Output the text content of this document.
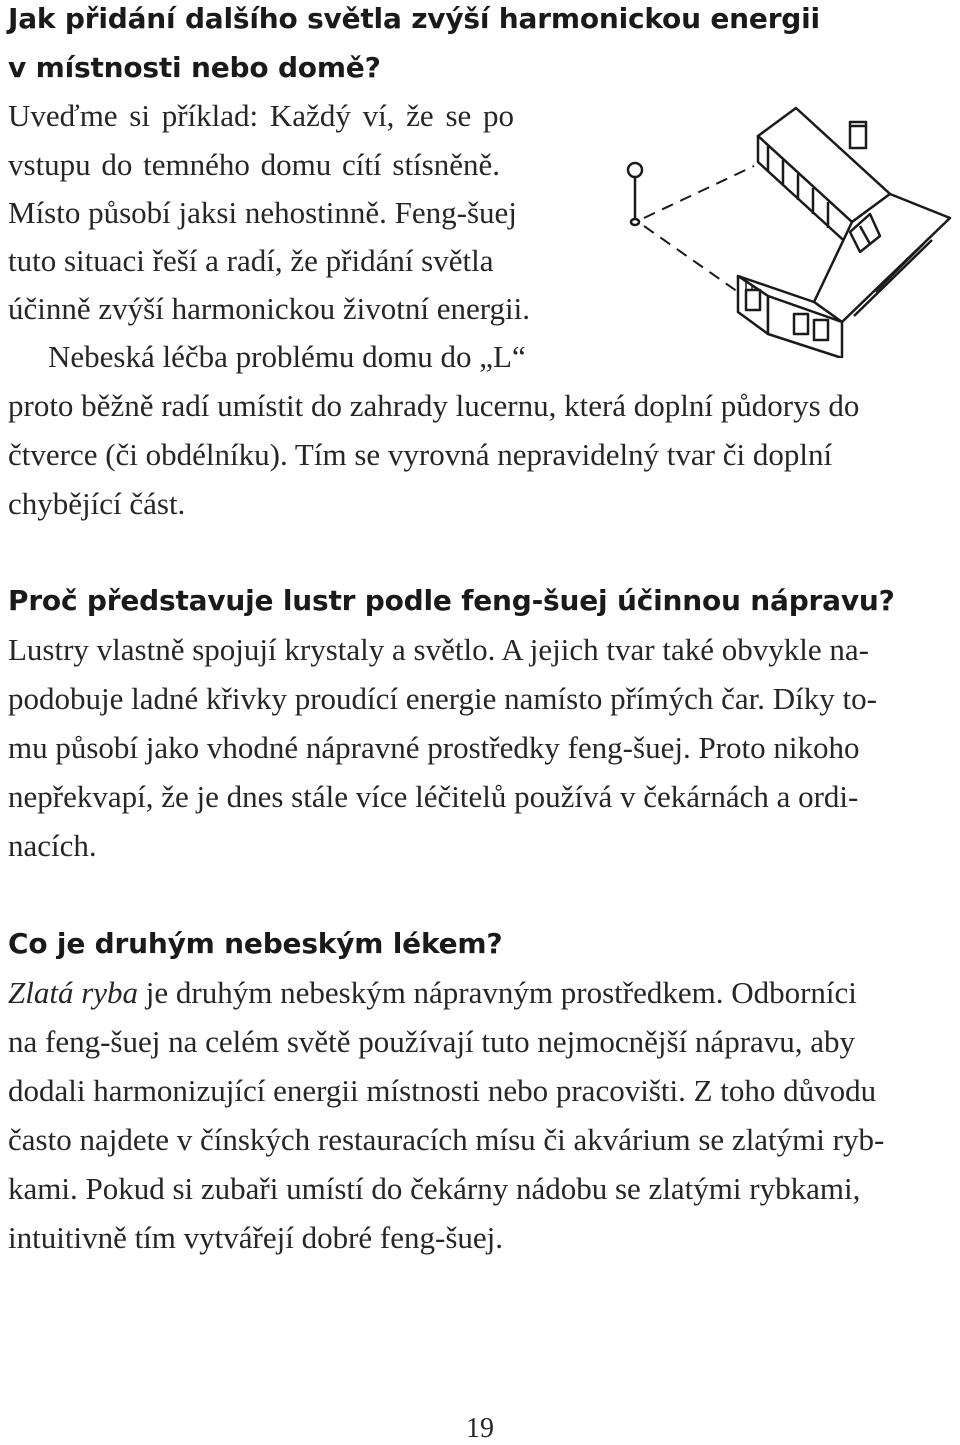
Jak přidání dalšího světla zvýší harmonickou energii
v místnosti nebo domě?

Uveďme si příklad: Každý ví, že se po

vstupu do temného domu cítí stísněně.

Místo působí jaksi nehostinně. Feng-šuej

tuto situaci řeší a radí, že přidání světla

účinně zvýší harmonickou životní energii.

Nebeská léčba problému domu do „L“

proto běžně radí umístit do zahrady lucernu, která doplní půdorys do

čtverce (či obdélníku). Tím se vyrovná nepravidelný tvar či doplní

chybějící část.

Proč představuje lustr podle feng-šuej účinnou nápravu?

Lustry vlastně spojují krystaly a světlo. A jejich tvar také obvykle na-

podobuje ladné křivky proudící energie namísto přímých čar. Díky to-

mu působí jako vhodné nápravné prostředky feng-šuej. Proto nikoho

nepřekvapí, že je dnes stále více léčitelů používá v čekárnách a ordi-

nacích.

Co je druhým nebeským lékem?

Zlatá ryba je druhým nebeským nápravným prostředkem. Odborníci

na feng-šuej na celém světě používají tuto nejmocnější nápravu, aby

dodali harmonizující energii místnosti nebo pracovišti. Z toho důvodu

často najdete v čínských restauracích mísu či akvárium se zlatými ryb-

kami. Pokud si zubaři umístí do čekárny nádobu se zlatými rybkami,

intuitivně tím vytvářejí dobré feng-šuej.

19
